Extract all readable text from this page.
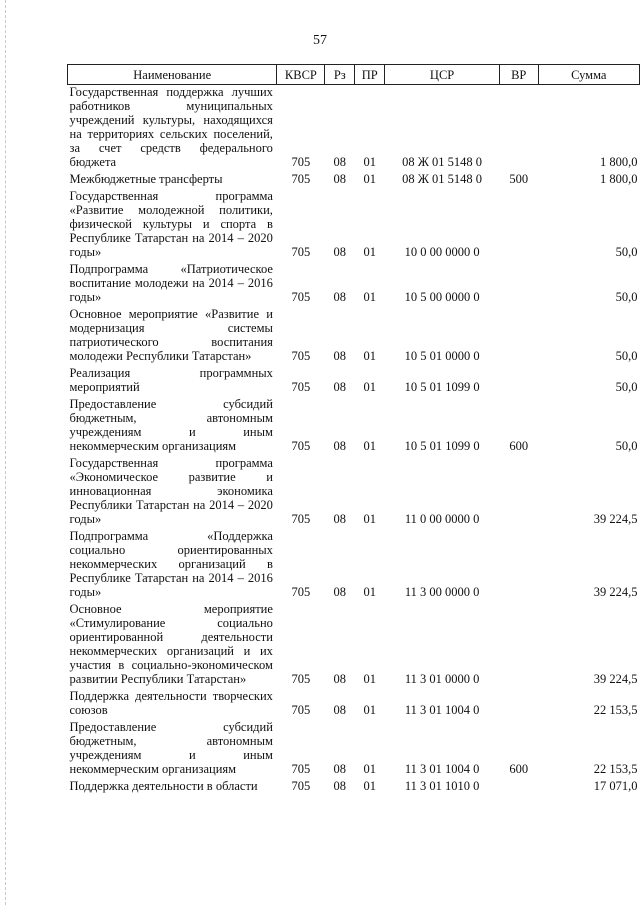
57
Наименование	КВСР	Рз	ПР	ЦСР	ВР	Сумма
Государственная поддержка лучших работников муниципальных учреждений культуры, находящихся на территориях сельских поселений, за счет средств федерального бюджета	705	08	01	08 Ж 01 5148 0		1 800,0
Межбюджетные трансферты	705	08	01	08 Ж 01 5148 0	500	1 800,0
Государственная программа «Развитие молодежной политики, физической культуры и спорта в Республике Татарстан на 2014 – 2020 годы»	705	08	01	10 0 00 0000 0		50,0
Подпрограмма «Патриотическое воспитание молодежи на 2014 – 2016 годы»	705	08	01	10 5 00 0000 0		50,0
Основное мероприятие «Развитие и модернизация системы патриотического воспитания молодежи Республики Татарстан»	705	08	01	10 5 01 0000 0		50,0
Реализация программных мероприятий	705	08	01	10 5 01 1099 0		50,0
Предоставление субсидий бюджетным, автономным учреждениям и иным некоммерческим организациям	705	08	01	10 5 01 1099 0	600	50,0
Государственная программа «Экономическое развитие и инновационная экономика Республики Татарстан на 2014 – 2020 годы»	705	08	01	11 0 00 0000 0		39 224,5
Подпрограмма «Поддержка социально ориентированных некоммерческих организаций в Республике Татарстан на 2014 – 2016 годы»	705	08	01	11 3 00 0000 0		39 224,5
Основное мероприятие «Стимулирование социально ориентированной деятельности некоммерческих организаций и их участия в социально-экономическом развитии Республики Татарстан»	705	08	01	11 3 01 0000 0		39 224,5
Поддержка деятельности творческих союзов	705	08	01	11 3 01 1004 0		22 153,5
Предоставление субсидий бюджетным, автономным учреждениям и иным некоммерческим организациям	705	08	01	11 3 01 1004 0	600	22 153,5
Поддержка деятельности в области	705	08	01	11 3 01 1010 0		17 071,0
